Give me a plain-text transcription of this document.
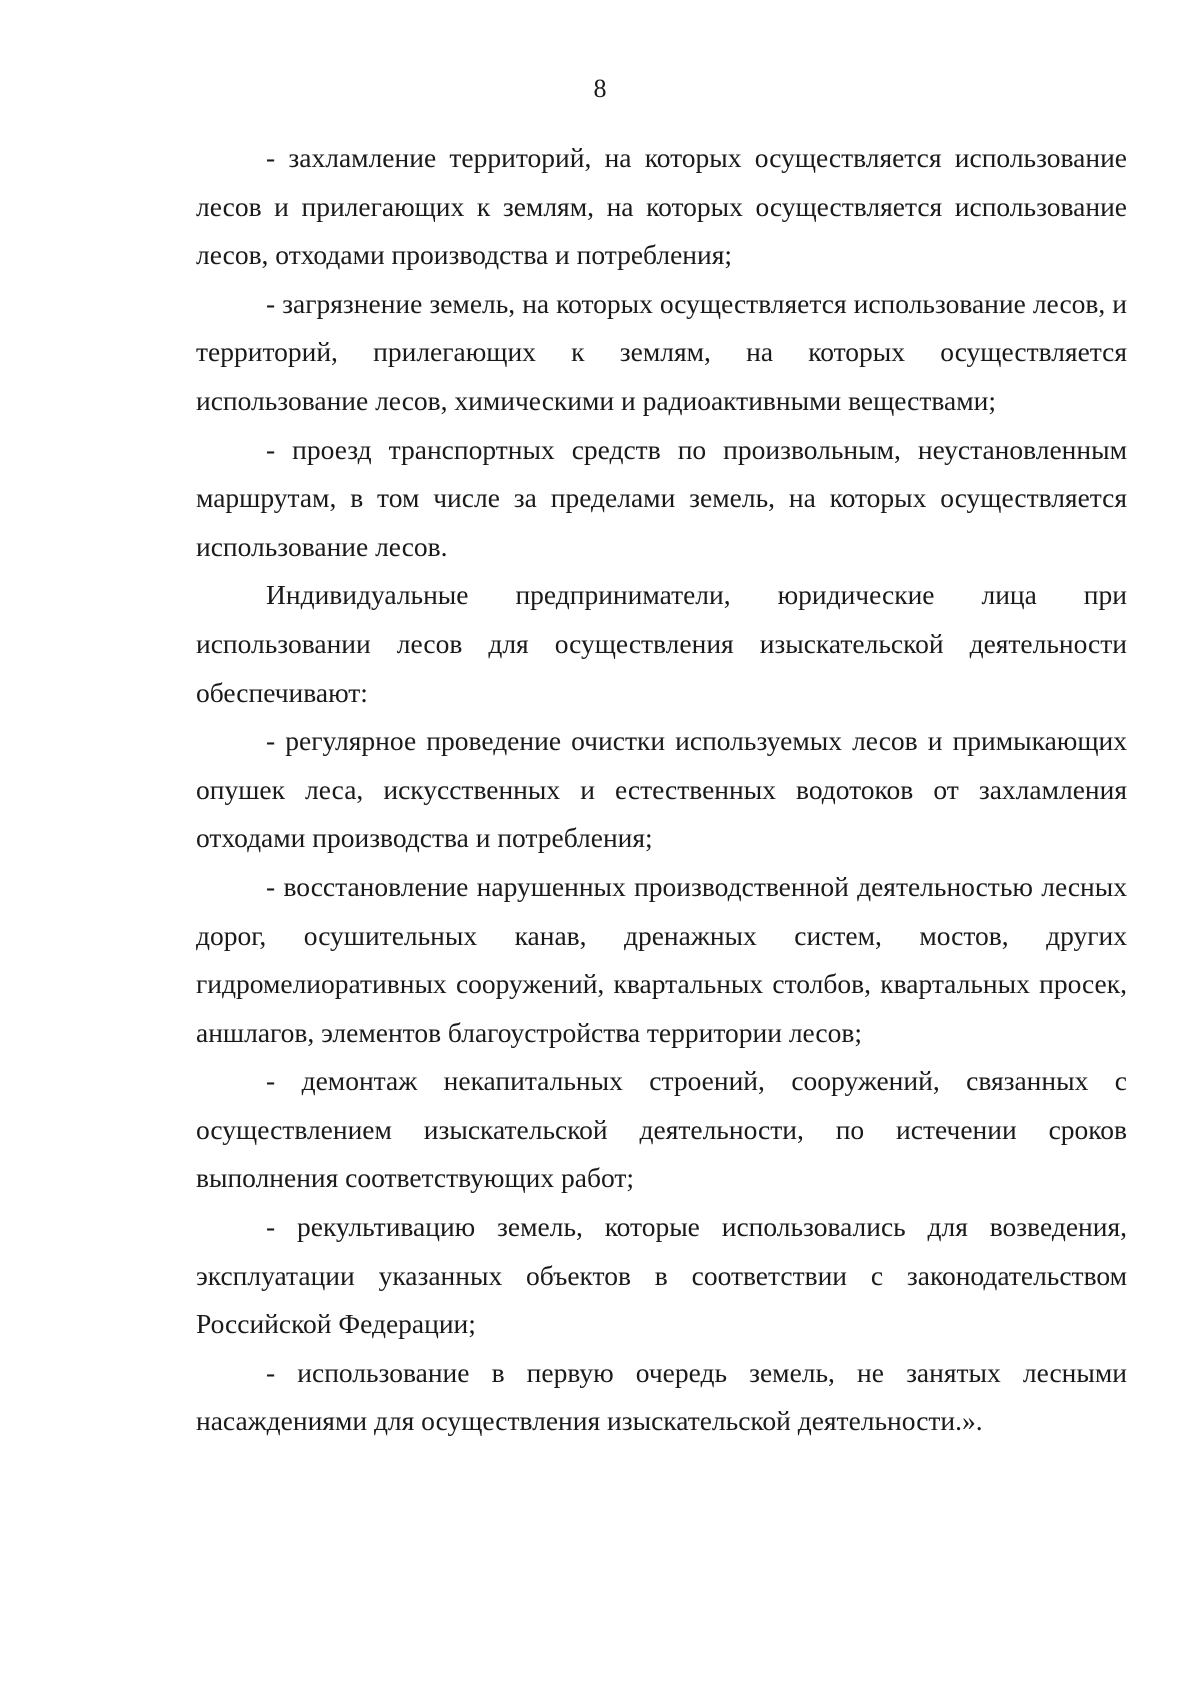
8

- захламление территорий, на которых осуществляется использование лесов и прилегающих к землям, на которых осуществляется использование лесов, отходами производства и потребления;

- загрязнение земель, на которых осуществляется использование лесов, и территорий, прилегающих к землям, на которых осуществляется использование лесов, химическими и радиоактивными веществами;

- проезд транспортных средств по произвольным, неустановленным маршрутам, в том числе за пределами земель, на которых осуществляется использование лесов.

Индивидуальные предприниматели, юридические лица при использовании лесов для осуществления изыскательской деятельности обеспечивают:

- регулярное проведение очистки используемых лесов и примыкающих опушек леса, искусственных и естественных водотоков от захламления отходами производства и потребления;

- восстановление нарушенных производственной деятельностью лесных дорог, осушительных канав, дренажных систем, мостов, других гидромелиоративных сооружений, квартальных столбов, квартальных просек, аншлагов, элементов благоустройства территории лесов;

- демонтаж некапитальных строений, сооружений, связанных с осуществлением изыскательской деятельности, по истечении сроков выполнения соответствующих работ;

- рекультивацию земель, которые использовались для возведения, эксплуатации указанных объектов в соответствии с законодательством Российской Федерации;

- использование в первую очередь земель, не занятых лесными насаждениями для осуществления изыскательской деятельности.».
